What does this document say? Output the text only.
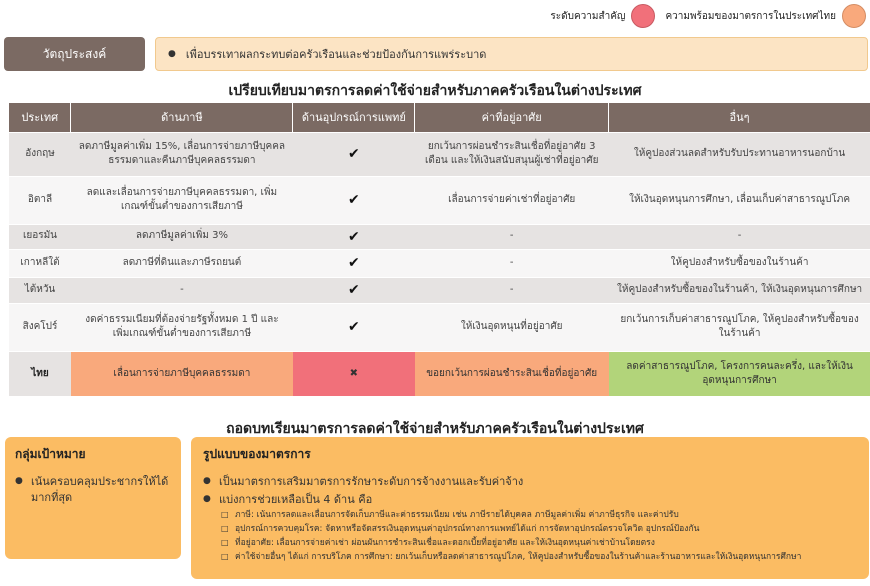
ระดับความสำคัญ	ความพร้อมของมาตรการในประเทศไทย
วัตถุประสงค์	● เพื่อบรรเทาผลกระทบต่อครัวเรือนและช่วยป้องกันการแพร่ระบาด
เปรียบเทียบมาตรการลดค่าใช้จ่ายสำหรับภาคครัวเรือนในต่างประเทศ
ประเทศ	ด้านภาษี	ด้านอุปกรณ์การแพทย์	ค่าที่อยู่อาศัย	อื่นๆ
อังกฤษ	ลดภาษีมูลค่าเพิ่ม 15%, เลื่อนการจ่ายภาษีบุคคลธรรมดาและคืนภาษีบุคคลธรรมดา	✔	ยกเว้นการผ่อนชำระสินเชื่อที่อยู่อาศัย 3 เดือน และให้เงินสนับสนุนผู้เช่าที่อยู่อาศัย	ให้คูปองส่วนลดสำหรับรับประทานอาหารนอกบ้าน
อิตาลี	ลดและเลื่อนการจ่ายภาษีบุคคลธรรมดา, เพิ่มเกณฑ์ขั้นต่ำของการเสียภาษี	✔	เลื่อนการจ่ายค่าเช่าที่อยู่อาศัย	ให้เงินอุดหนุนการศึกษา, เลื่อนเก็บค่าสาธารณูปโภค
เยอรมัน	ลดภาษีมูลค่าเพิ่ม 3%	✔	-	-
เกาหลีใต้	ลดภาษีที่ดินและภาษีรถยนต์	✔	-	ให้คูปองสำหรับซื้อของในร้านค้า
ไต้หวัน	-	✔	-	ให้คูปองสำหรับซื้อของในร้านค้า, ให้เงินอุดหนุนการศึกษา
สิงคโปร์	งดค่าธรรมเนียมที่ต้องจ่ายรัฐทั้งหมด 1 ปี และเพิ่มเกณฑ์ขั้นต่ำของการเสียภาษี	✔	ให้เงินอุดหนุนที่อยู่อาศัย	ยกเว้นการเก็บค่าสาธารณูปโภค, ให้คูปองสำหรับซื้อของในร้านค้า
ไทย	เลื่อนการจ่ายภาษีบุคคลธรรมดา	✖	ขอยกเว้นการผ่อนชำระสินเชื่อที่อยู่อาศัย	ลดค่าสาธารณูปโภค, โครงการคนละครึ่ง, และให้เงินอุดหนุนการศึกษา
ถอดบทเรียนมาตรการลดค่าใช้จ่ายสำหรับภาคครัวเรือนในต่างประเทศ
กลุ่มเป้าหมาย
● เน้นครอบคลุมประชากรให้ได้มากที่สุด
รูปแบบของมาตรการ
● เป็นมาตรการเสริมมาตรการรักษาระดับการจ้างงานและรับค่าจ้าง
● แบ่งการช่วยเหลือเป็น 4 ด้าน คือ
□ ภาษี: เน้นการลดและเลื่อนการจัดเก็บภาษีและค่าธรรมเนียม เช่น ภาษีรายได้บุคคล ภาษีมูลค่าเพิ่ม ค่าภาษีธุรกิจ และค่าปรับ
□ อุปกรณ์การควบคุมโรค: จัดหาหรือจัดสรรเงินอุดหนุนค่าอุปกรณ์ทางการแพทย์ได้แก่ การจัดหาอุปกรณ์ตรวจโควิด อุปกรณ์ป้องกัน
□ ที่อยู่อาศัย: เลื่อนการจ่ายค่าเช่า ผ่อนผันการชำระสินเชื่อและดอกเบี้ยที่อยู่อาศัย และให้เงินอุดหนุนค่าเช่าบ้านโดยตรง
□ ค่าใช้จ่ายอื่นๆ ได้แก่ การบริโภค การศึกษา: ยกเว้นเก็บหรือลดค่าสาธารณูปโภค, ให้คูปองสำหรับซื้อของในร้านค้าและร้านอาหารและให้เงินอุดหนุนการศึกษา
